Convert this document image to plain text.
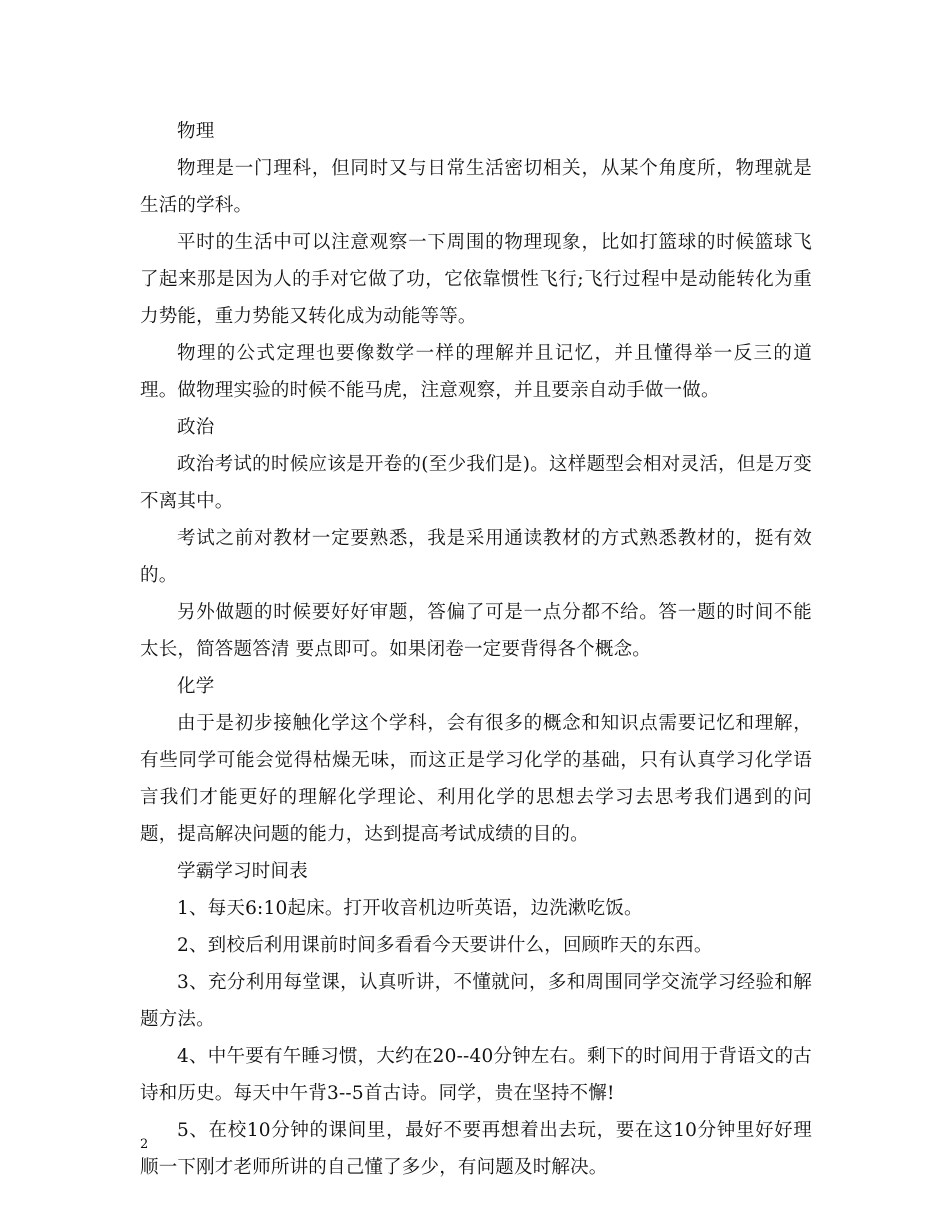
物理

物理是一门理科，但同时又与日常生活密切相关，从某个角度所，物理就是生活的学科。

平时的生活中可以注意观察一下周围的物理现象，比如打篮球的时候篮球飞了起来那是因为人的手对它做了功，它依靠惯性飞行;飞行过程中是动能转化为重力势能，重力势能又转化成为动能等等。

物理的公式定理也要像数学一样的理解并且记忆，并且懂得举一反三的道理。做物理实验的时候不能马虎，注意观察，并且要亲自动手做一做。

政治

政治考试的时候应该是开卷的(至少我们是)。这样题型会相对灵活，但是万变不离其中。

考试之前对教材一定要熟悉，我是采用通读教材的方式熟悉教材的，挺有效的。

另外做题的时候要好好审题，答偏了可是一点分都不给。答一题的时间不能太长，简答题答清 要点即可。如果闭卷一定要背得各个概念。

化学

由于是初步接触化学这个学科，会有很多的概念和知识点需要记忆和理解，有些同学可能会觉得枯燥无味，而这正是学习化学的基础，只有认真学习化学语言我们才能更好的理解化学理论、利用化学的思想去学习去思考我们遇到的问题，提高解决问题的能力，达到提高考试成绩的目的。

学霸学习时间表

1、每天6:10起床。打开收音机边听英语，边洗漱吃饭。

2、到校后利用课前时间多看看今天要讲什么，回顾昨天的东西。

3、充分利用每堂课，认真听讲，不懂就问，多和周围同学交流学习经验和解题方法。

4、中午要有午睡习惯，大约在20--40分钟左右。剩下的时间用于背语文的古诗和历史。每天中午背3--5首古诗。同学，贵在坚持不懈!

5、在校10分钟的课间里，最好不要再想着出去玩，要在这10分钟里好好理顺一下刚才老师所讲的自己懂了多少，有问题及时解决。

2
